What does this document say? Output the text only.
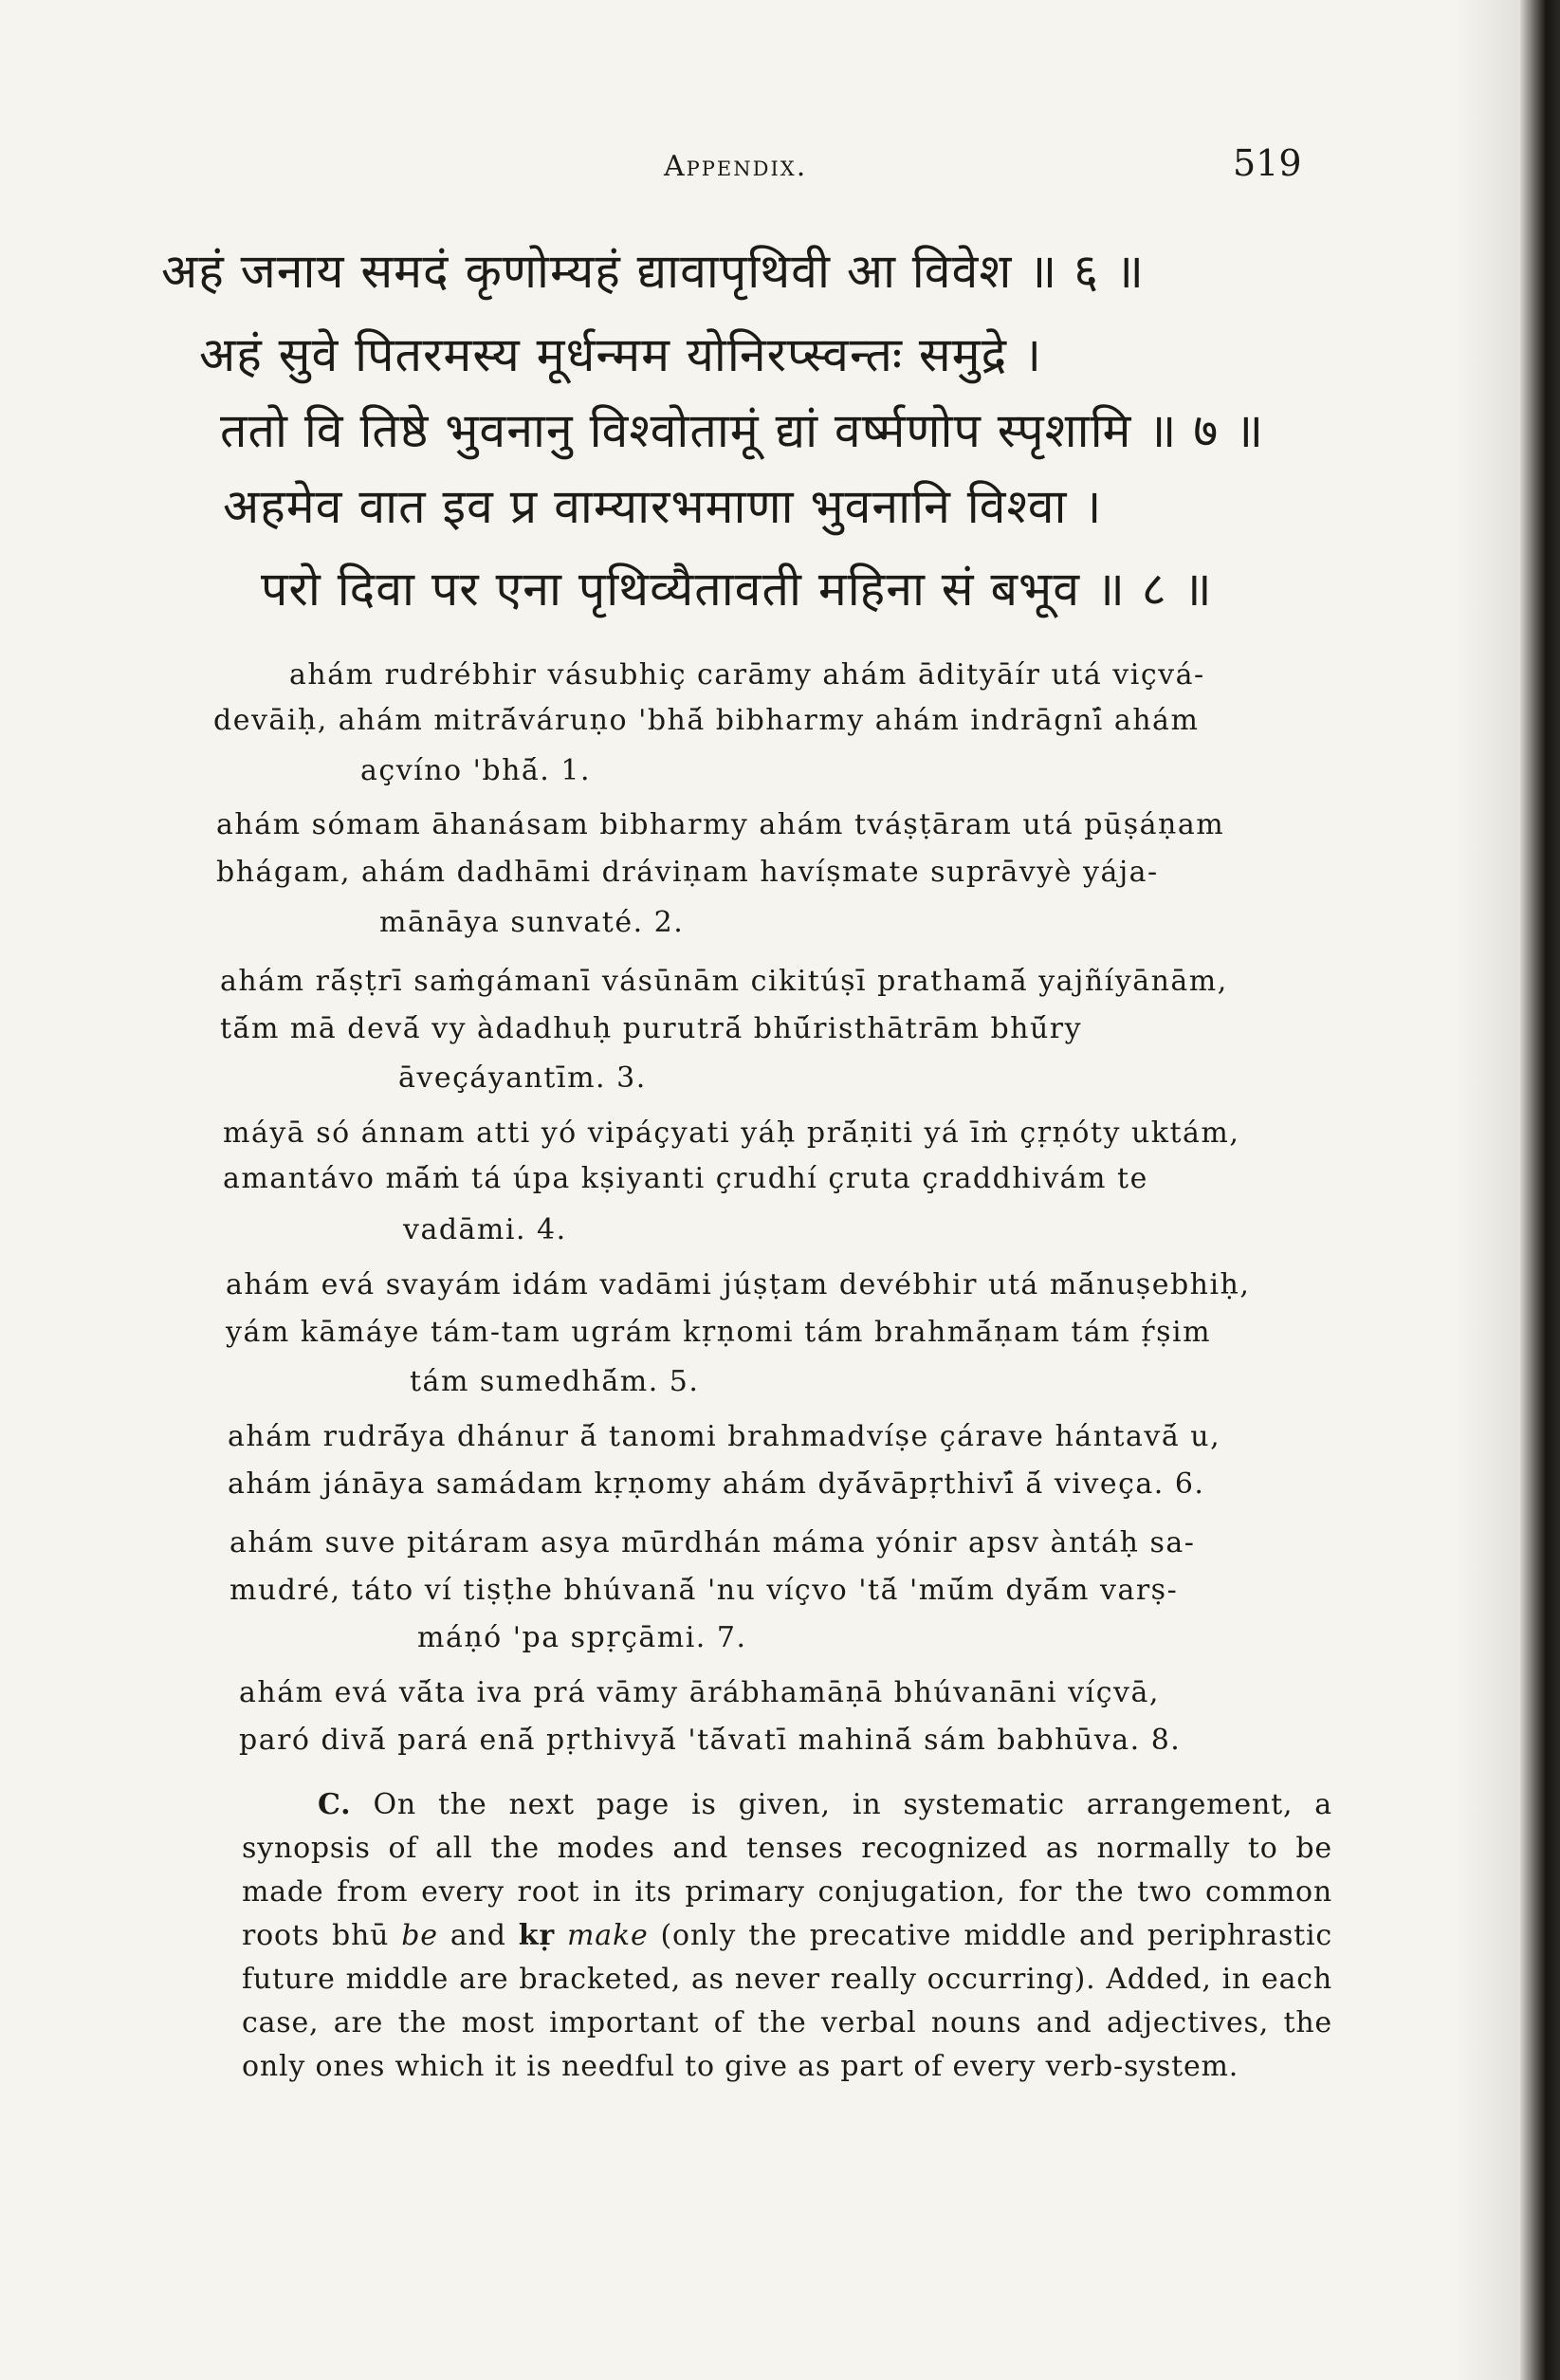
Appendix.	519
अहं जनाय समदं कृणोम्यहं द्यावापृथिवी आ विवेश ॥ ६ ॥
अहं सुवे पितरमस्य मूर्धन्मम योनिरप्स्वन्तः समुद्रे ।
ततो वि तिष्ठे भुवनानु विश्वोतामूं द्यां वर्ष्मणोप स्पृशामि ॥ ७ ॥
अहमेव वात इव प्र वाम्यारभमाणा भुवनानि विश्वा ।
परो दिवा पर एना पृथिव्यैतावती महिना सं बभूव ॥ ८ ॥
ahám rudrébhir vásubhiç carāmy ahám ādityāír utá viçvá-
devāiḥ, ahám mitrā́váruṇo 'bhā́ bibharmy ahám indrāgnī́ ahám
açvíno 'bhā́. 1.
ahám sómam āhanásam bibharmy ahám tváṣṭāram utá pūṣáṇam
bhágam, ahám dadhāmi dráviṇam havíṣmate suprāvyè yája-
mānāya sunvaté. 2.
ahám rā́ṣṭrī saṁgámanī vásūnām cikitúṣī prathamā́ yajñíyānām,
tā́m mā devā́ vy àdadhuḥ purutrā́ bhū́risthātrām bhū́ry
āveçáyantīm. 3.
máyā só ánnam atti yó vipáçyati yáḥ prā́ṇiti yá īṁ çṛṇóty uktám,
amantávo mā́ṁ tá úpa kṣiyanti çrudhí çruta çraddhivám te
vadāmi. 4.
ahám evá svayám idám vadāmi júṣṭam devébhir utá mā́nuṣebhiḥ,
yám kāmáye tám-tam ugrám kṛṇomi tám brahmā́ṇam tám ṛ́ṣim
tám sumedhā́m. 5.
ahám rudrā́ya dhánur ā́ tanomi brahmadvíṣe çárave hántavā́ u,
ahám jánāya samádam kṛṇomy ahám dyā́vāpṛthivī́ ā́ viveça. 6.
ahám suve pitáram asya mūrdhán máma yónir apsv àntáḥ sa-
mudré, táto ví tiṣṭhe bhúvanā́ 'nu víçvo 'tā́ 'mū́m dyā́m varṣ-
máṇó 'pa spṛçāmi. 7.
ahám evá vā́ta iva prá vāmy ārábhamāṇā bhúvanāni víçvā,
paró divā́ pará enā́ pṛthivyā́ 'tā́vatī mahinā́ sám babhūva. 8.

C. On the next page is given, in systematic arrangement, a synopsis of all the modes and tenses recognized as normally to be made from every root in its primary conjugation, for the two common roots bhū be and kṛ make (only the precative middle and periphrastic future middle are bracketed, as never really occurring). Added, in each case, are the most important of the verbal nouns and adjectives, the only ones which it is needful to give as part of every verb-system.
